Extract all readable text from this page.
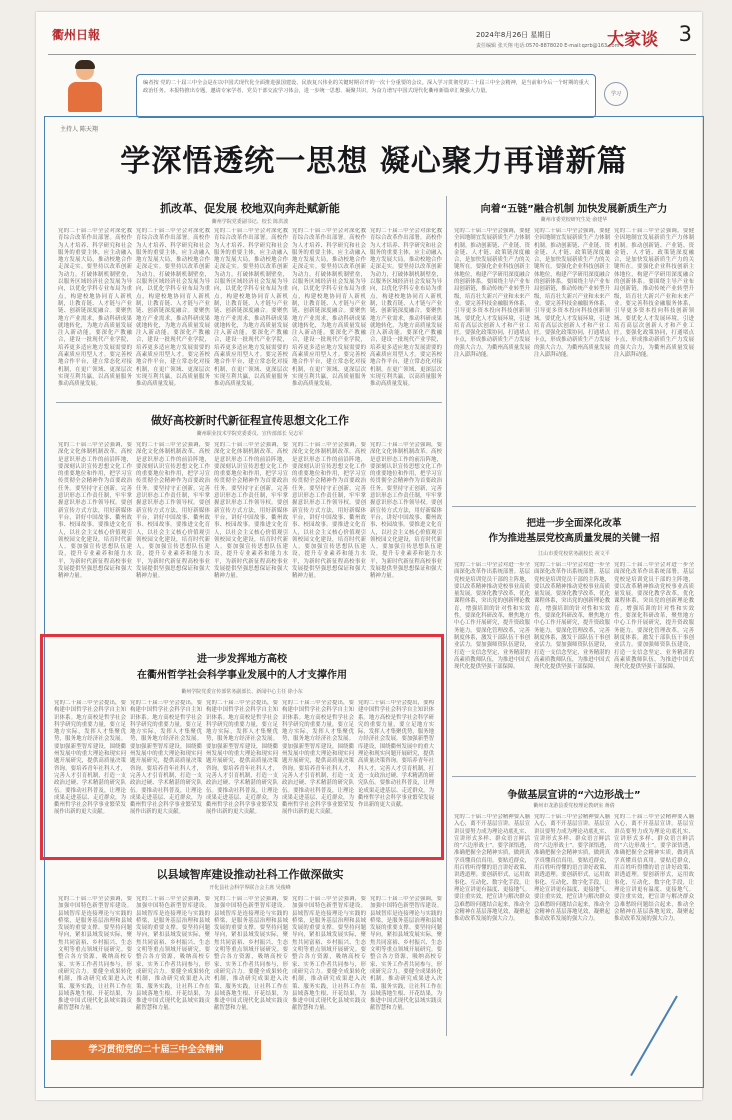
衢州日報	2024年8月26日 星期日
责任编辑 张天翔 电话:0570-8878020 E-mail:qzrb@163.com
大家谈 3
主持人 陈天翔

编者按 党的二十届三中全会是在以中国式现代化全面推进强国建设、民族复兴伟业的关键时期召开的一次十分重要的会议。深入学习贯彻党的二十届三中全会精神，是当前和今后一个时期的重大政治任务。本报特推出专题，邀请专家学者、党员干部交流学习体会，进一步统一思想、凝聚共识，为奋力谱写中国式现代化衢州新篇章汇聚强大力量。	学习
学深悟透统一思想 凝心聚力再谱新篇
抓改革、促发展 校地双向奔赴赋新能
衢州学院党委副书记、校长 陈洪波
党的二十届三中全会对深化教育综合改革作出部署。高校作为人才培养、科学研究和社会服务的重要主体，应主动融入地方发展大局，推动校地合作走深走实。要坚持以改革创新为动力，打破体制机制壁垒，以服务区域经济社会发展为导向，以优化学科专业布局为重点，构建校地协同育人新机制，让教育链、人才链与产业链、创新链深度融合。要聚焦地方产业需求，推动科研成果就地转化，为地方高质量发展注入新动能。要深化产教融合，建设一批现代产业学院，培养更多适应地方发展需要的高素质应用型人才。要完善校地合作平台，建立常态化对接机制，在更广领域、更深层次实现互利共赢，以高质量服务推动高质量发展。
党的二十届三中全会对深化教育综合改革作出部署。高校作为人才培养、科学研究和社会服务的重要主体，应主动融入地方发展大局，推动校地合作走深走实。要坚持以改革创新为动力，打破体制机制壁垒，以服务区域经济社会发展为导向，以优化学科专业布局为重点，构建校地协同育人新机制，让教育链、人才链与产业链、创新链深度融合。要聚焦地方产业需求，推动科研成果就地转化，为地方高质量发展注入新动能。要深化产教融合，建设一批现代产业学院，培养更多适应地方发展需要的高素质应用型人才。要完善校地合作平台，建立常态化对接机制，在更广领域、更深层次实现互利共赢，以高质量服务推动高质量发展。
党的二十届三中全会对深化教育综合改革作出部署。高校作为人才培养、科学研究和社会服务的重要主体，应主动融入地方发展大局，推动校地合作走深走实。要坚持以改革创新为动力，打破体制机制壁垒，以服务区域经济社会发展为导向，以优化学科专业布局为重点，构建校地协同育人新机制，让教育链、人才链与产业链、创新链深度融合。要聚焦地方产业需求，推动科研成果就地转化，为地方高质量发展注入新动能。要深化产教融合，建设一批现代产业学院，培养更多适应地方发展需要的高素质应用型人才。要完善校地合作平台，建立常态化对接机制，在更广领域、更深层次实现互利共赢，以高质量服务推动高质量发展。
党的二十届三中全会对深化教育综合改革作出部署。高校作为人才培养、科学研究和社会服务的重要主体，应主动融入地方发展大局，推动校地合作走深走实。要坚持以改革创新为动力，打破体制机制壁垒，以服务区域经济社会发展为导向，以优化学科专业布局为重点，构建校地协同育人新机制，让教育链、人才链与产业链、创新链深度融合。要聚焦地方产业需求，推动科研成果就地转化，为地方高质量发展注入新动能。要深化产教融合，建设一批现代产业学院，培养更多适应地方发展需要的高素质应用型人才。要完善校地合作平台，建立常态化对接机制，在更广领域、更深层次实现互利共赢，以高质量服务推动高质量发展。
党的二十届三中全会对深化教育综合改革作出部署。高校作为人才培养、科学研究和社会服务的重要主体，应主动融入地方发展大局，推动校地合作走深走实。要坚持以改革创新为动力，打破体制机制壁垒，以服务区域经济社会发展为导向，以优化学科专业布局为重点，构建校地协同育人新机制，让教育链、人才链与产业链、创新链深度融合。要聚焦地方产业需求，推动科研成果就地转化，为地方高质量发展注入新动能。要深化产教融合，建设一批现代产业学院，培养更多适应地方发展需要的高素质应用型人才。要完善校地合作平台，建立常态化对接机制，在更广领域、更深层次实现互利共赢，以高质量服务推动高质量发展。
做好高校新时代新征程宣传思想文化工作
衢州职业技术学院党委委员、宣传部部长 吴志军
党的二十届三中全会强调，要深化文化体制机制改革。高校是意识形态工作的前沿阵地，要深刻认识宣传思想文化工作的重要地位和作用，把学习宣传贯彻全会精神作为首要政治任务。要坚持守正创新，完善意识形态工作责任制，牢牢掌握意识形态工作领导权。要创新宣传方式方法，用好新媒体平台，讲好中国故事、衢州故事、校园故事。要推进文化育人，以社会主义核心价值观引领校园文化建设，培育时代新人。要加强宣传思想队伍建设，提升专业素养和能力水平，为新时代新征程高校事业发展提供坚强思想保证和强大精神力量。
党的二十届三中全会强调，要深化文化体制机制改革。高校是意识形态工作的前沿阵地，要深刻认识宣传思想文化工作的重要地位和作用，把学习宣传贯彻全会精神作为首要政治任务。要坚持守正创新，完善意识形态工作责任制，牢牢掌握意识形态工作领导权。要创新宣传方式方法，用好新媒体平台，讲好中国故事、衢州故事、校园故事。要推进文化育人，以社会主义核心价值观引领校园文化建设，培育时代新人。要加强宣传思想队伍建设，提升专业素养和能力水平，为新时代新征程高校事业发展提供坚强思想保证和强大精神力量。
党的二十届三中全会强调，要深化文化体制机制改革。高校是意识形态工作的前沿阵地，要深刻认识宣传思想文化工作的重要地位和作用，把学习宣传贯彻全会精神作为首要政治任务。要坚持守正创新，完善意识形态工作责任制，牢牢掌握意识形态工作领导权。要创新宣传方式方法，用好新媒体平台，讲好中国故事、衢州故事、校园故事。要推进文化育人，以社会主义核心价值观引领校园文化建设，培育时代新人。要加强宣传思想队伍建设，提升专业素养和能力水平，为新时代新征程高校事业发展提供坚强思想保证和强大精神力量。
党的二十届三中全会强调，要深化文化体制机制改革。高校是意识形态工作的前沿阵地，要深刻认识宣传思想文化工作的重要地位和作用，把学习宣传贯彻全会精神作为首要政治任务。要坚持守正创新，完善意识形态工作责任制，牢牢掌握意识形态工作领导权。要创新宣传方式方法，用好新媒体平台，讲好中国故事、衢州故事、校园故事。要推进文化育人，以社会主义核心价值观引领校园文化建设，培育时代新人。要加强宣传思想队伍建设，提升专业素养和能力水平，为新时代新征程高校事业发展提供坚强思想保证和强大精神力量。
党的二十届三中全会强调，要深化文化体制机制改革。高校是意识形态工作的前沿阵地，要深刻认识宣传思想文化工作的重要地位和作用，把学习宣传贯彻全会精神作为首要政治任务。要坚持守正创新，完善意识形态工作责任制，牢牢掌握意识形态工作领导权。要创新宣传方式方法，用好新媒体平台，讲好中国故事、衢州故事、校园故事。要推进文化育人，以社会主义核心价值观引领校园文化建设，培育时代新人。要加强宣传思想队伍建设，提升专业素养和能力水平，为新时代新征程高校事业发展提供坚强思想保证和强大精神力量。
进一步发挥地方高校
在衢州哲学社会科学事业发展中的人才支撑作用
衢州学院党委宣传部常务副部长、新闻中心主任 徐小东
党的二十届三中全会提出，要构建中国哲学社会科学自主知识体系。地方高校是哲学社会科学研究的重要力量，要立足地方实际，发挥人才集聚优势，服务地方经济社会发展。要加强新型智库建设，围绕衢州发展中的重大理论和现实问题开展研究，提供高质量决策咨询。要培养青年社科人才，完善人才引育机制，打造一支政治过硬、学术精湛的研究队伍。要推动社科普及，让理论成果走进基层、走近群众，为衢州哲学社会科学事业繁荣发展作出新的更大贡献。
党的二十届三中全会提出，要构建中国哲学社会科学自主知识体系。地方高校是哲学社会科学研究的重要力量，要立足地方实际，发挥人才集聚优势，服务地方经济社会发展。要加强新型智库建设，围绕衢州发展中的重大理论和现实问题开展研究，提供高质量决策咨询。要培养青年社科人才，完善人才引育机制，打造一支政治过硬、学术精湛的研究队伍。要推动社科普及，让理论成果走进基层、走近群众，为衢州哲学社会科学事业繁荣发展作出新的更大贡献。
党的二十届三中全会提出，要构建中国哲学社会科学自主知识体系。地方高校是哲学社会科学研究的重要力量，要立足地方实际，发挥人才集聚优势，服务地方经济社会发展。要加强新型智库建设，围绕衢州发展中的重大理论和现实问题开展研究，提供高质量决策咨询。要培养青年社科人才，完善人才引育机制，打造一支政治过硬、学术精湛的研究队伍。要推动社科普及，让理论成果走进基层、走近群众，为衢州哲学社会科学事业繁荣发展作出新的更大贡献。
党的二十届三中全会提出，要构建中国哲学社会科学自主知识体系。地方高校是哲学社会科学研究的重要力量，要立足地方实际，发挥人才集聚优势，服务地方经济社会发展。要加强新型智库建设，围绕衢州发展中的重大理论和现实问题开展研究，提供高质量决策咨询。要培养青年社科人才，完善人才引育机制，打造一支政治过硬、学术精湛的研究队伍。要推动社科普及，让理论成果走进基层、走近群众，为衢州哲学社会科学事业繁荣发展作出新的更大贡献。
党的二十届三中全会提出，要构建中国哲学社会科学自主知识体系。地方高校是哲学社会科学研究的重要力量，要立足地方实际，发挥人才集聚优势，服务地方经济社会发展。要加强新型智库建设，围绕衢州发展中的重大理论和现实问题开展研究，提供高质量决策咨询。要培养青年社科人才，完善人才引育机制，打造一支政治过硬、学术精湛的研究队伍。要推动社科普及，让理论成果走进基层、走近群众，为衢州哲学社会科学事业繁荣发展作出新的更大贡献。
以县域智库建设推动社科工作做深做实
开化县社会科学界联合会主席 吴俊峰
党的二十届三中全会强调，要加强中国特色新型智库建设。县域智库是连接理论与实践的桥梁，是服务基层治理和县域发展的重要支撑。要坚持问题导向，紧扣县域发展实际，聚焦共同富裕、乡村振兴、生态文明等重点领域开展研究。要整合各方资源，吸纳高校专家、实务工作者共同参与，形成研究合力。要健全成果转化机制，推动研究成果进入决策、服务实践，让社科工作在县域落地生根、开花结果，为推进中国式现代化县域实践贡献智慧和力量。
党的二十届三中全会强调，要加强中国特色新型智库建设。县域智库是连接理论与实践的桥梁，是服务基层治理和县域发展的重要支撑。要坚持问题导向，紧扣县域发展实际，聚焦共同富裕、乡村振兴、生态文明等重点领域开展研究。要整合各方资源，吸纳高校专家、实务工作者共同参与，形成研究合力。要健全成果转化机制，推动研究成果进入决策、服务实践，让社科工作在县域落地生根、开花结果，为推进中国式现代化县域实践贡献智慧和力量。
党的二十届三中全会强调，要加强中国特色新型智库建设。县域智库是连接理论与实践的桥梁，是服务基层治理和县域发展的重要支撑。要坚持问题导向，紧扣县域发展实际，聚焦共同富裕、乡村振兴、生态文明等重点领域开展研究。要整合各方资源，吸纳高校专家、实务工作者共同参与，形成研究合力。要健全成果转化机制，推动研究成果进入决策、服务实践，让社科工作在县域落地生根、开花结果，为推进中国式现代化县域实践贡献智慧和力量。
党的二十届三中全会强调，要加强中国特色新型智库建设。县域智库是连接理论与实践的桥梁，是服务基层治理和县域发展的重要支撑。要坚持问题导向，紧扣县域发展实际，聚焦共同富裕、乡村振兴、生态文明等重点领域开展研究。要整合各方资源，吸纳高校专家、实务工作者共同参与，形成研究合力。要健全成果转化机制，推动研究成果进入决策、服务实践，让社科工作在县域落地生根、开花结果，为推进中国式现代化县域实践贡献智慧和力量。
党的二十届三中全会强调，要加强中国特色新型智库建设。县域智库是连接理论与实践的桥梁，是服务基层治理和县域发展的重要支撑。要坚持问题导向，紧扣县域发展实际，聚焦共同富裕、乡村振兴、生态文明等重点领域开展研究。要整合各方资源，吸纳高校专家、实务工作者共同参与，形成研究合力。要健全成果转化机制，推动研究成果进入决策、服务实践，让社科工作在县域落地生根、开花结果，为推进中国式现代化县域实践贡献智慧和力量。
向着“五链”融合机制 加快发展新质生产力
衢州市委党校研究生处 俞建华
党的二十届三中全会强调，要健全因地制宜发展新质生产力体制机制。推动创新链、产业链、资金链、人才链、政策链深度融合，是加快发展新质生产力的关键所在。要强化企业科技创新主体地位，构建产学研用深度融合的创新体系。要围绕主导产业布局创新链，推动传统产业转型升级，培育壮大新兴产业和未来产业。要完善科技金融服务体系，引导更多资本投向科技创新领域。要优化人才发展环境，引进培育高层次创新人才和产业工匠。要强化政策协同，打通堵点卡点，形成推动新质生产力发展的强大合力，为衢州高质量发展注入澎湃动能。
党的二十届三中全会强调，要健全因地制宜发展新质生产力体制机制。推动创新链、产业链、资金链、人才链、政策链深度融合，是加快发展新质生产力的关键所在。要强化企业科技创新主体地位，构建产学研用深度融合的创新体系。要围绕主导产业布局创新链，推动传统产业转型升级，培育壮大新兴产业和未来产业。要完善科技金融服务体系，引导更多资本投向科技创新领域。要优化人才发展环境，引进培育高层次创新人才和产业工匠。要强化政策协同，打通堵点卡点，形成推动新质生产力发展的强大合力，为衢州高质量发展注入澎湃动能。
党的二十届三中全会强调，要健全因地制宜发展新质生产力体制机制。推动创新链、产业链、资金链、人才链、政策链深度融合，是加快发展新质生产力的关键所在。要强化企业科技创新主体地位，构建产学研用深度融合的创新体系。要围绕主导产业布局创新链，推动传统产业转型升级，培育壮大新兴产业和未来产业。要完善科技金融服务体系，引导更多资本投向科技创新领域。要优化人才发展环境，引进培育高层次创新人才和产业工匠。要强化政策协同，打通堵点卡点，形成推动新质生产力发展的强大合力，为衢州高质量发展注入澎湃动能。
把进一步全面深化改革
作为推进基层党校高质量发展的关键一招
江山市委党校常务副校长 祝文平
党的二十届三中全会对进一步全面深化改革作出系统部署。基层党校是培训党员干部的主阵地，要以改革精神推动党校事业高质量发展。要深化教学改革，优化课程体系，突出党的创新理论教育，增强培训的针对性和实效性。要深化科研改革，聚焦地方中心工作开展研究，提升资政服务能力。要深化管理改革，完善制度体系，激发干部队伍干事创业活力。要加强师资队伍建设，打造一支信念坚定、业务精湛的高素质教师队伍，为推进中国式现代化提供坚强干部保障。
党的二十届三中全会对进一步全面深化改革作出系统部署。基层党校是培训党员干部的主阵地，要以改革精神推动党校事业高质量发展。要深化教学改革，优化课程体系，突出党的创新理论教育，增强培训的针对性和实效性。要深化科研改革，聚焦地方中心工作开展研究，提升资政服务能力。要深化管理改革，完善制度体系，激发干部队伍干事创业活力。要加强师资队伍建设，打造一支信念坚定、业务精湛的高素质教师队伍，为推进中国式现代化提供坚强干部保障。
党的二十届三中全会对进一步全面深化改革作出系统部署。基层党校是培训党员干部的主阵地，要以改革精神推动党校事业高质量发展。要深化教学改革，优化课程体系，突出党的创新理论教育，增强培训的针对性和实效性。要深化科研改革，聚焦地方中心工作开展研究，提升资政服务能力。要深化管理改革，完善制度体系，激发干部队伍干事创业活力。要加强师资队伍建设，打造一支信念坚定、业务精湛的高素质教师队伍，为推进中国式现代化提供坚强干部保障。
争做基层宣讲的“六边形战士”
衢州市龙游县委党校理论教研室 蒋倩
党的二十届三中全会精神要入脑入心，离不开基层宣讲。基层宣讲员要努力成为理论功底扎实、宣讲形式多样、群众语言鲜活的“六边形战士”。要学深悟透，准确把握全会精神实质，做到真学真懂真信真用。要贴近群众，用百姓听得懂的语言讲好政策、讲透道理。要创新形式，运用故事化、互动化、数字化手段，让理论宣讲更有温度、更接地气。要注重实效，把宣讲与解决群众急难愁盼问题结合起来，推动全会精神在基层落地见效，凝聚起推动改革发展的强大合力。
党的二十届三中全会精神要入脑入心，离不开基层宣讲。基层宣讲员要努力成为理论功底扎实、宣讲形式多样、群众语言鲜活的“六边形战士”。要学深悟透，准确把握全会精神实质，做到真学真懂真信真用。要贴近群众，用百姓听得懂的语言讲好政策、讲透道理。要创新形式，运用故事化、互动化、数字化手段，让理论宣讲更有温度、更接地气。要注重实效，把宣讲与解决群众急难愁盼问题结合起来，推动全会精神在基层落地见效，凝聚起推动改革发展的强大合力。
党的二十届三中全会精神要入脑入心，离不开基层宣讲。基层宣讲员要努力成为理论功底扎实、宣讲形式多样、群众语言鲜活的“六边形战士”。要学深悟透，准确把握全会精神实质，做到真学真懂真信真用。要贴近群众，用百姓听得懂的语言讲好政策、讲透道理。要创新形式，运用故事化、互动化、数字化手段，让理论宣讲更有温度、更接地气。要注重实效，把宣讲与解决群众急难愁盼问题结合起来，推动全会精神在基层落地见效，凝聚起推动改革发展的强大合力。
学习贯彻党的二十届三中全会精神
